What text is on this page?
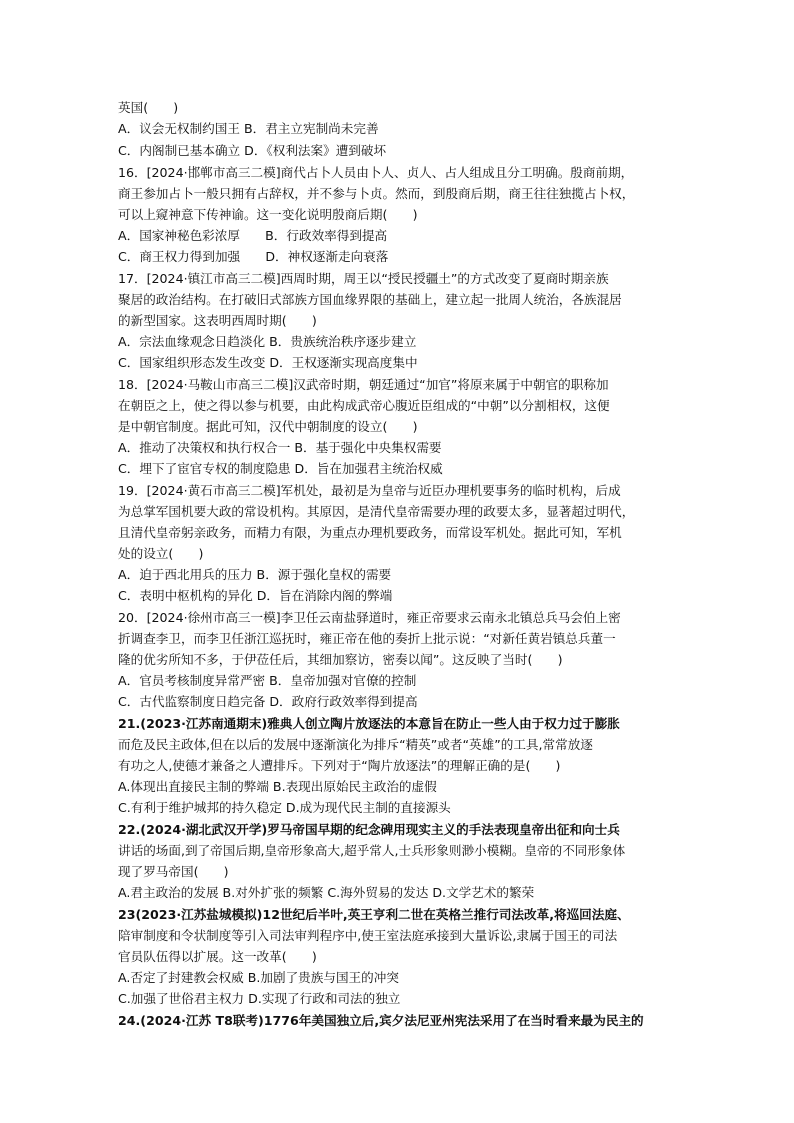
英国(　　)
A．议会无权制约国王 B．君主立宪制尚未完善
C．内阁制已基本确立 D．《权利法案》遭到破坏
16．[2024·邯郸市高三二模]商代占卜人员由卜人、贞人、占人组成且分工明确。殷商前期，
商王参加占卜一般只拥有占辞权，并不参与卜贞。然而，到殷商后期，商王往往独揽占卜权，
可以上窥神意下传神谕。这一变化说明殷商后期(　　)
A．国家神秘色彩浓厚　　B．行政效率得到提高
C．商王权力得到加强　　D．神权逐渐走向衰落
17．[2024·镇江市高三二模]西周时期，周王以“授民授疆土”的方式改变了夏商时期亲族
聚居的政治结构。在打破旧式部族方国血缘界限的基础上，建立起一批周人统治，各族混居
的新型国家。这表明西周时期(　　)
A．宗法血缘观念日趋淡化 B．贵族统治秩序逐步建立
C．国家组织形态发生改变 D．王权逐渐实现高度集中
18．[2024·马鞍山市高三二模]汉武帝时期，朝廷通过“加官”将原来属于中朝官的职称加
在朝臣之上，使之得以参与机要，由此构成武帝心腹近臣组成的“中朝”以分割相权，这便
是中朝官制度。据此可知，汉代中朝制度的设立(　　)
A．推动了决策权和执行权合一 B．基于强化中央集权需要
C．埋下了宦官专权的制度隐患 D．旨在加强君主统治权威
19．[2024·黄石市高三二模]军机处，最初是为皇帝与近臣办理机要事务的临时机构，后成
为总掌军国机要大政的常设机构。其原因，是清代皇帝需要办理的政要太多，显著超过明代，
且清代皇帝躬亲政务，而精力有限，为重点办理机要政务，而常设军机处。据此可知，军机
处的设立(　　)
A．迫于西北用兵的压力 B．源于强化皇权的需要
C．表明中枢机构的异化 D．旨在消除内阁的弊端
20．[2024·徐州市高三一模]李卫任云南盐驿道时，雍正帝要求云南永北镇总兵马会伯上密
折调查李卫，而李卫任浙江巡抚时，雍正帝在他的奏折上批示说：“对新任黄岩镇总兵董一
隆的优劣所知不多，于伊莅任后，其细加察访，密奏以闻”。这反映了当时(　　)
A．官员考核制度异常严密 B．皇帝加强对官僚的控制
C．古代监察制度日趋完备 D．政府行政效率得到提高
21.(2023·江苏南通期末)雅典人创立陶片放逐法的本意旨在防止一些人由于权力过于膨胀
而危及民主政体,但在以后的发展中逐渐演化为排斥“精英”或者“英雄”的工具,常常放逐
有功之人,使德才兼备之人遭排斥。下列对于“陶片放逐法”的理解正确的是(　　)
A.体现出直接民主制的弊端 B.表现出原始民主政治的虚假
C.有利于维护城邦的持久稳定 D.成为现代民主制的直接源头
22.(2024·湖北武汉开学)罗马帝国早期的纪念碑用现实主义的手法表现皇帝出征和向士兵
讲话的场面,到了帝国后期,皇帝形象高大,超乎常人,士兵形象则渺小模糊。皇帝的不同形象体
现了罗马帝国(　　)
A.君主政治的发展 B.对外扩张的频繁 C.海外贸易的发达 D.文学艺术的繁荣
23(2023·江苏盐城模拟)12世纪后半叶,英王亨利二世在英格兰推行司法改革,将巡回法庭、
陪审制度和令状制度等引入司法审判程序中,使王室法庭承接到大量诉讼,隶属于国王的司法
官员队伍得以扩展。这一改革(　　)
A.否定了封建教会权威 B.加剧了贵族与国王的冲突
C.加强了世俗君主权力 D.实现了行政和司法的独立
24.(2024·江苏 T8联考)1776年美国独立后,宾夕法尼亚州宪法采用了在当时看来最为民主的
